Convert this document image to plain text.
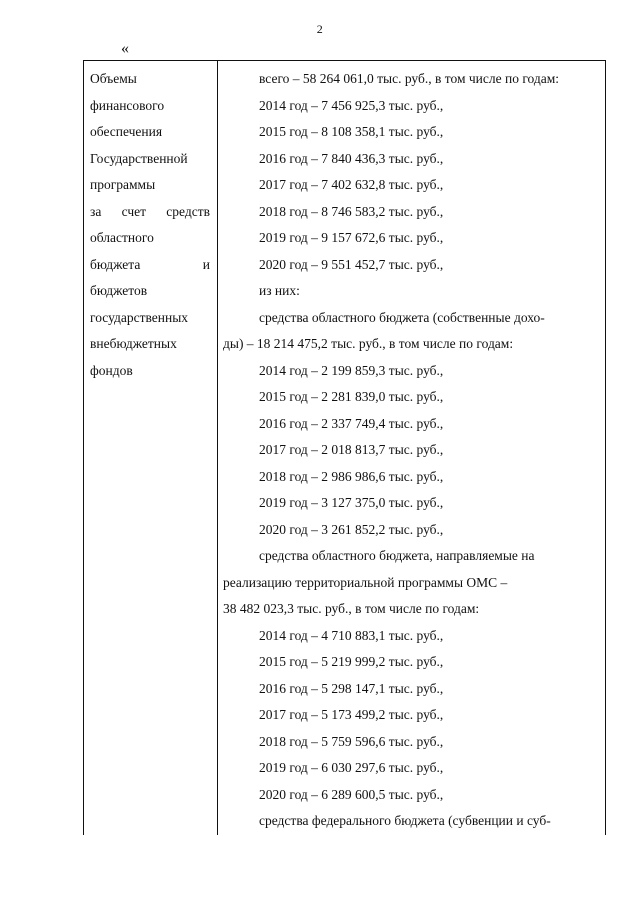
2
«
Объемы
финансового
обеспечения
Государственной
программы
за счет средств
областного
бюджета	и
бюджетов
государственных
внебюджетных
фондов
всего – 58 264 061,0 тыс. руб., в том числе по годам:
2014 год – 7 456 925,3 тыс. руб.,
2015 год – 8 108 358,1 тыс. руб.,
2016 год – 7 840 436,3 тыс. руб.,
2017 год – 7 402 632,8 тыс. руб.,
2018 год – 8 746 583,2 тыс. руб.,
2019 год – 9 157 672,6 тыс. руб.,
2020 год – 9 551 452,7 тыс. руб.,
из них:
средства областного бюджета (собственные дохо-
ды) – 18 214 475,2 тыс. руб., в том числе по годам:
2014 год – 2 199 859,3 тыс. руб.,
2015 год – 2 281 839,0 тыс. руб.,
2016 год – 2 337 749,4 тыс. руб.,
2017 год – 2 018 813,7 тыс. руб.,
2018 год – 2 986 986,6 тыс. руб.,
2019 год – 3 127 375,0 тыс. руб.,
2020 год – 3 261 852,2 тыс. руб.,
средства областного бюджета, направляемые на
реализацию территориальной программы ОМС –
38 482 023,3 тыс. руб., в том числе по годам:
2014 год – 4 710 883,1 тыс. руб.,
2015 год – 5 219 999,2 тыс. руб.,
2016 год – 5 298 147,1 тыс. руб.,
2017 год – 5 173 499,2 тыс. руб.,
2018 год – 5 759 596,6 тыс. руб.,
2019 год – 6 030 297,6 тыс. руб.,
2020 год – 6 289 600,5 тыс. руб.,
средства федерального бюджета (субвенции и суб-
